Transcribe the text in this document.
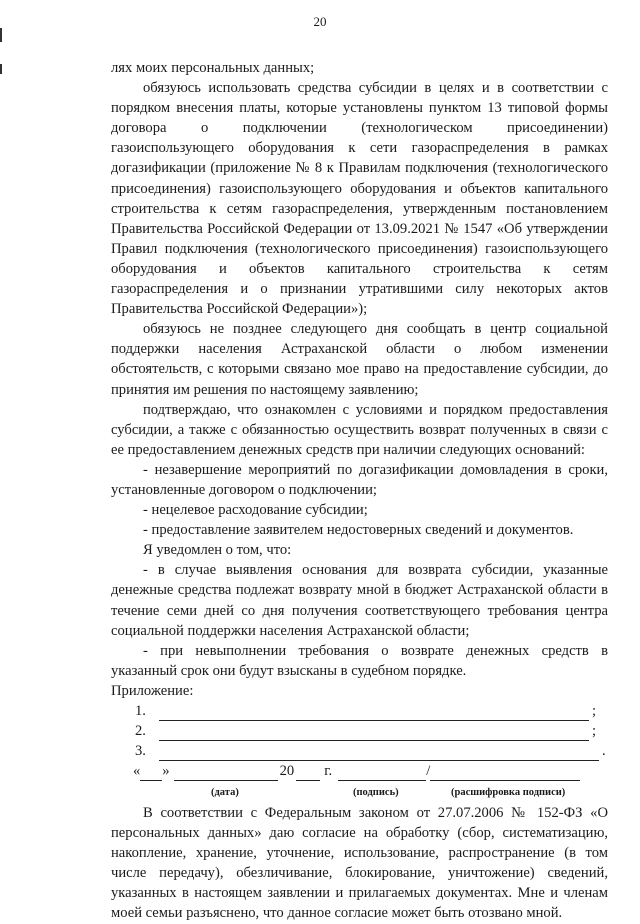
20

лях моих персональных данных;

обязуюсь использовать средства субсидии в целях и в соответствии с порядком внесения платы, которые установлены пунктом 13 типовой формы договора о подключении (технологическом присоединении) газоиспользующего оборудования к сети газораспределения в рамках догазификации (приложение № 8 к Правилам подключения (технологического присоединения) газоиспользующего оборудования и объектов капитального строительства к сетям газораспределения, утвержденным постановлением Правительства Российской Федерации от 13.09.2021 № 1547 «Об утверждении Правил подключения (технологического присоединения) газоиспользующего оборудования и объектов капитального строительства к сетям газораспределения и о признании утратившими силу некоторых актов Правительства Российской Федерации»);

обязуюсь не позднее следующего дня сообщать в центр социальной поддержки населения Астраханской области о любом изменении обстоятельств, с которыми связано мое право на предоставление субсидии, до принятия им решения по настоящему заявлению;

подтверждаю, что ознакомлен с условиями и порядком предоставления субсидии, а также с обязанностью осуществить возврат полученных в связи с ее предоставлением денежных средств при наличии следующих оснований:

- незавершение мероприятий по догазификации домовладения в сроки, установленные договором о подключении;

- нецелевое расходование субсидии;

- предоставление заявителем недостоверных сведений и документов.

Я уведомлен о том, что:

- в случае выявления основания для возврата субсидии, указанные денежные средства подлежат возврату мной в бюджет Астраханской области в течение семи дней со дня получения соответствующего требования центра социальной поддержки населения Астраханской области;

- при невыполнении требования о возврате денежных средств в указанный срок они будут взысканы в судебном порядке.

Приложение:

1.	;
2.	;
3.	.
« »	20 г.	/
(дата)	(подпись)	(расшифровка подписи)

В соответствии с Федеральным законом от 27.07.2006 № 152-ФЗ «О персональных данных» даю согласие на обработку (сбор, систематизацию, накопление, хранение, уточнение, использование, распространение (в том числе передачу), обезличивание, блокирование, уничтожение) сведений, указанных в настоящем заявлении и прилагаемых документах. Мне и членам моей семьи разъяснено, что данное согласие может быть отозвано мной.
